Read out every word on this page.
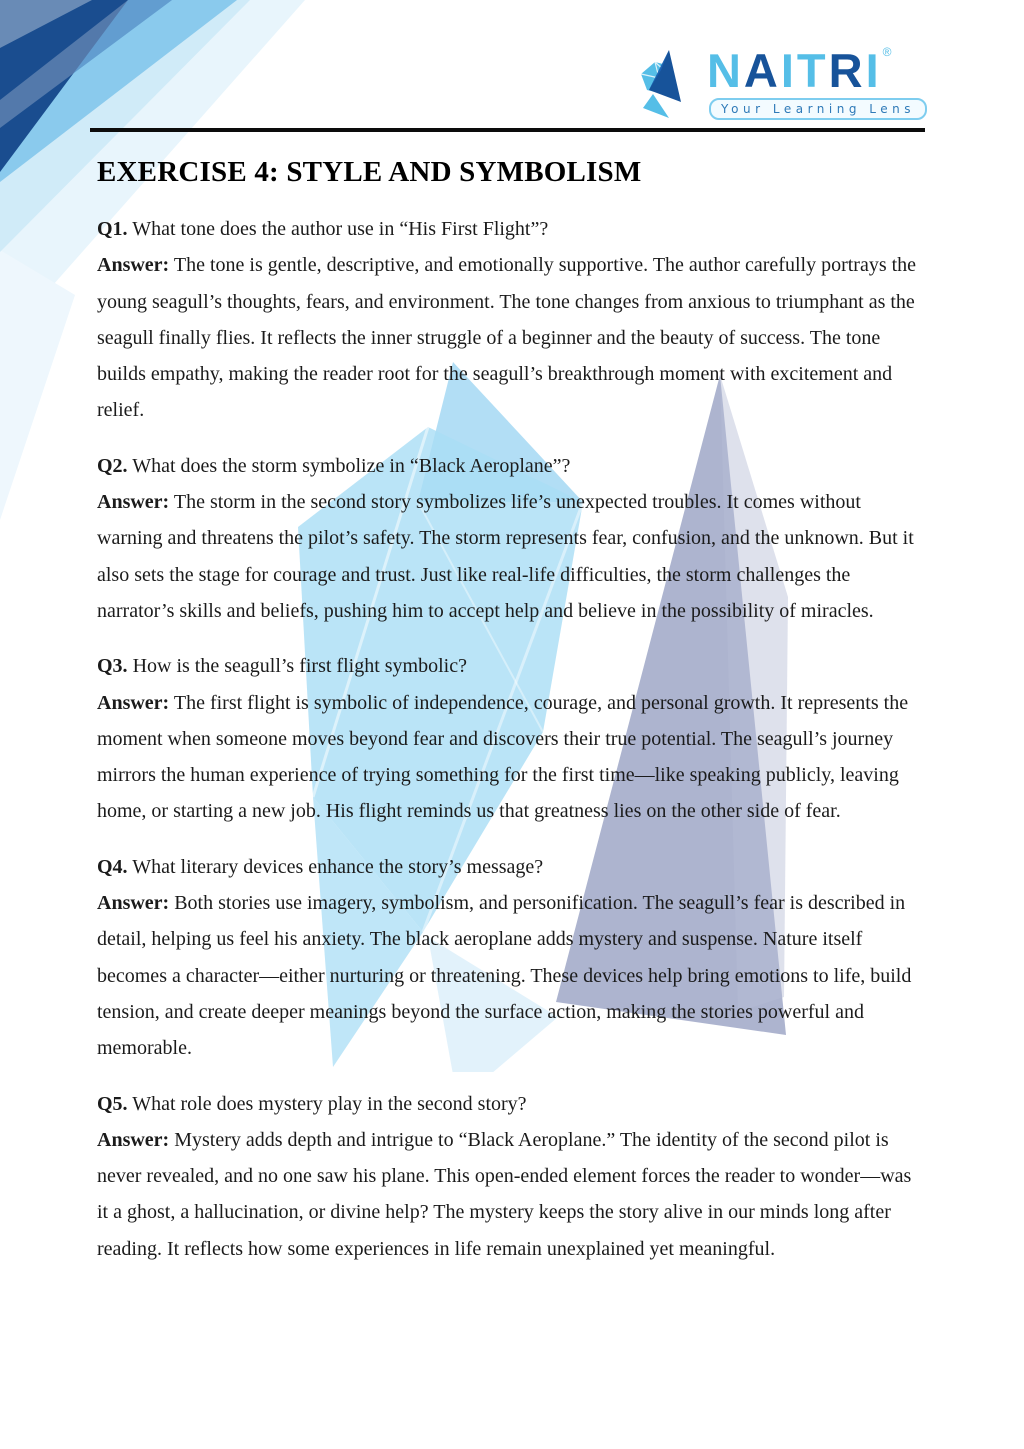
N A I T R I ®
Your Learning Lens
EXERCISE 4: STYLE AND SYMBOLISM

Q1. What tone does the author use in “His First Flight”?

Answer: The tone is gentle, descriptive, and emotionally supportive. The author carefully portrays the young seagull’s thoughts, fears, and environment. The tone changes from anxious to triumphant as the seagull finally flies. It reflects the inner struggle of a beginner and the beauty of success. The tone builds empathy, making the reader root for the seagull’s breakthrough moment with excitement and relief.

Q2. What does the storm symbolize in “Black Aeroplane”?

Answer: The storm in the second story symbolizes life’s unexpected troubles. It comes without warning and threatens the pilot’s safety. The storm represents fear, confusion, and the unknown. But it also sets the stage for courage and trust. Just like real-life difficulties, the storm challenges the narrator’s skills and beliefs, pushing him to accept help and believe in the possibility of miracles.

Q3. How is the seagull’s first flight symbolic?

Answer: The first flight is symbolic of independence, courage, and personal growth. It represents the moment when someone moves beyond fear and discovers their true potential. The seagull’s journey mirrors the human experience of trying something for the first time—like speaking publicly, leaving home, or starting a new job. His flight reminds us that greatness lies on the other side of fear.

Q4. What literary devices enhance the story’s message?

Answer: Both stories use imagery, symbolism, and personification. The seagull’s fear is described in detail, helping us feel his anxiety. The black aeroplane adds mystery and suspense. Nature itself becomes a character—either nurturing or threatening. These devices help bring emotions to life, build tension, and create deeper meanings beyond the surface action, making the stories powerful and memorable.

Q5. What role does mystery play in the second story?

Answer: Mystery adds depth and intrigue to “Black Aeroplane.” The identity of the second pilot is never revealed, and no one saw his plane. This open-ended element forces the reader to wonder—was it a ghost, a hallucination, or divine help? The mystery keeps the story alive in our minds long after reading. It reflects how some experiences in life remain unexplained yet meaningful.
